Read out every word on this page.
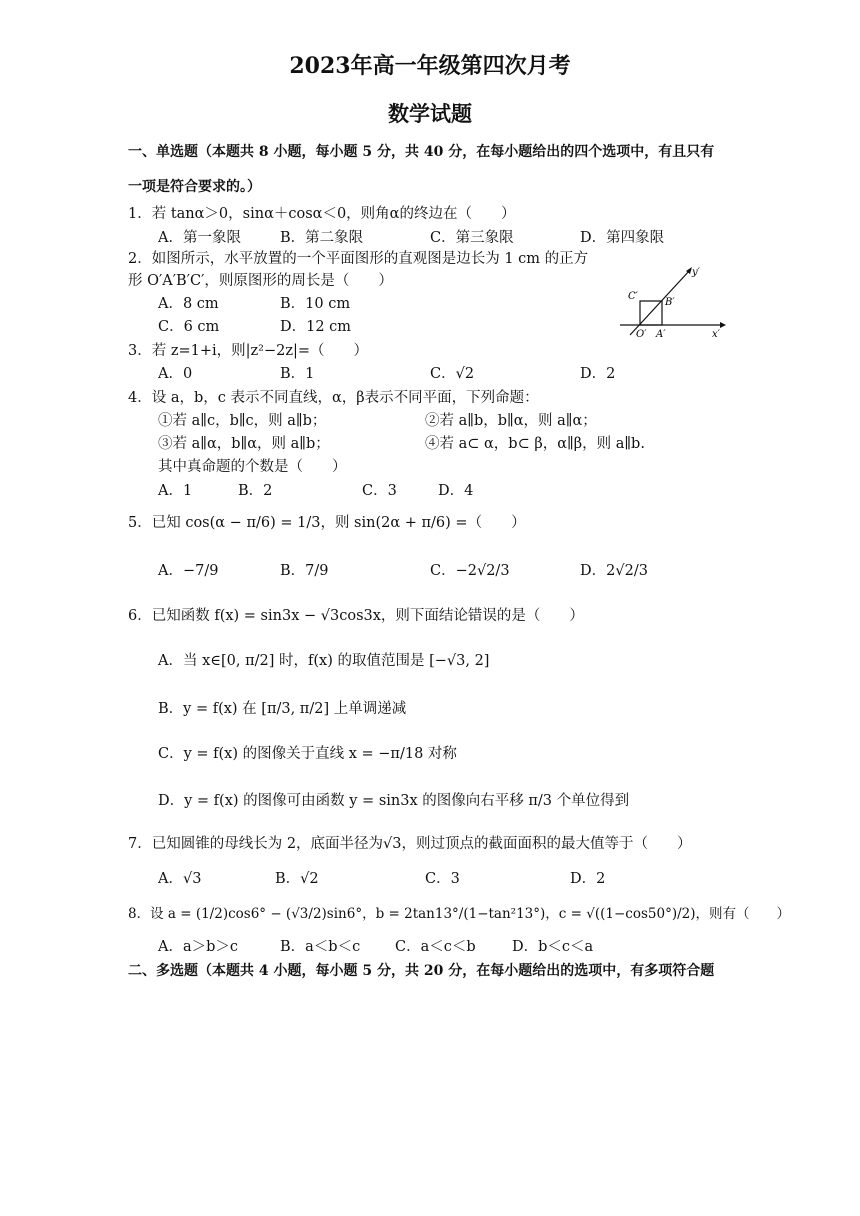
2023年高一年级第四次月考
数学试题
一、单选题（本题共 8 小题，每小题 5 分，共 40 分，在每小题给出的四个选项中，有且只有
一项是符合要求的。）
1．若 tanα＞0，sinα＋cosα＜0，则角α的终边在（　　）
A．第一象限	B．第二象限	C．第三象限	D．第四象限
2．如图所示，水平放置的一个平面图形的直观图是边长为 1 cm 的正方
形 O′A′B′C′，则原图形的周长是（　　）
A．8 cm	B．10 cm
C．6 cm	D．12 cm
y′
x′
O′ A′
B′
C′
3．若 z=1+i，则|z²−2z|=（　　）
A．0	B．1	C．√2	D．2
4．设 a，b，c 表示不同直线，α，β表示不同平面，下列命题：
①若 a∥c，b∥c，则 a∥b；	②若 a∥b，b∥α，则 a∥α；
③若 a∥α，b∥α，则 a∥b；	④若 a⊂ α，b⊂ β，α∥β，则 a∥b.
其中真命题的个数是（　　）
A．1	B．2	C．3	D．4
5．已知 cos(α − π/6) = 1/3，则 sin(2α + π/6) =（　　）
A．−7/9	B．7/9	C．−2√2/3	D．2√2/3
6．已知函数 f(x) = sin3x − √3cos3x，则下面结论错误的是（　　）
A．当 x∈[0, π/2] 时，f(x) 的取值范围是 [−√3, 2]
B．y = f(x) 在 [π/3, π/2] 上单调递减
C．y = f(x) 的图像关于直线 x = −π/18 对称
D．y = f(x) 的图像可由函数 y = sin3x 的图像向右平移 π/3 个单位得到
7．已知圆锥的母线长为 2，底面半径为√3，则过顶点的截面面积的最大值等于（　　）
A．√3	B．√2	C．3	D．2
8．设 a = (1/2)cos6° − (√3/2)sin6°，b = 2tan13°/(1−tan²13°)，c = √((1−cos50°)/2)，则有（　　）
A．a＞b＞c	B．a＜b＜c C．a＜c＜b	D．b＜c＜a
二、多选题（本题共 4 小题，每小题 5 分，共 20 分，在每小题给出的选项中，有多项符合题
